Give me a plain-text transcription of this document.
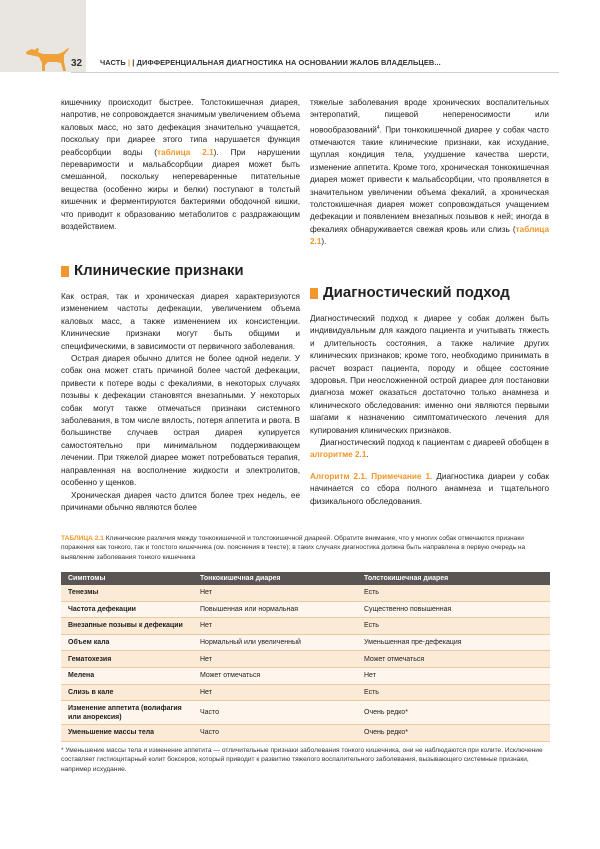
32 ЧАСТЬ | | ДИФФЕРЕНЦИАЛЬНАЯ ДИАГНОСТИКА НА ОСНОВАНИИ ЖАЛОБ ВЛАДЕЛЬЦЕВ...

кишечнику происходит быстрее. Толстокишечная диарея, напротив, не сопровождается значимым увеличением объема каловых масс, но зато дефекация значительно учащается, поскольку при диарее этого типа нарушается функция реабсорбции воды (таблица 2.1). При нарушении переваримости и мальабсорбции диарея может быть смешанной, поскольку непереваренные питательные вещества (особенно жиры и белки) поступают в толстый кишечник и ферментируются бактериями ободочной кишки, что приводит к образованию метаболитов с раздражающим воздействием.

Клинические признаки

Как острая, так и хроническая диарея характеризуются изменением частоты дефекации, увеличением объема каловых масс, а также изменением их консистенции. Клинические признаки могут быть общими и специфическими, в зависимости от первичного заболевания.

Острая диарея обычно длится не более одной недели. У собак она может стать причиной более частой дефекации, привести к потере воды с фекалиями, в некоторых случаях позывы к дефекации становятся внезапными. У некоторых собак могут также отмечаться признаки системного заболевания, в том числе вялость, потеря аппетита и рвота. В большинстве случаев острая диарея купируется самостоятельно при минимальном поддерживающем лечении. При тяжелой диарее может потребоваться терапия, направленная на восполнение жидкости и электролитов, особенно у щенков.

Хроническая диарея часто длится более трех недель, ее причинами обычно являются более

тяжелые заболевания вроде хронических воспалительных энтеропатий, пищевой непереносимости или новообразований$^4$. При тонкокишечной диарее у собак часто отмечаются такие клинические признаки, как исхудание, щуплая кондиция тела, ухудшение качества шерсти, изменение аппетита. Кроме того, хроническая тонкокишечная диарея может привести к мальабсорбции, что проявляется в значительном увеличении объема фекалий, а хроническая толстокишечная диарея может сопровождаться учащением дефекации и появлением внезапных позывов к ней; иногда в фекалиях обнаруживается свежая кровь или слизь (таблица 2.1).

Диагностический подход

Диагностический подход к диарее у собак должен быть индивидуальным для каждого пациента и учитывать тяжесть и длительность состояния, а также наличие других клинических признаков; кроме того, необходимо принимать в расчет возраст пациента, породу и общее состояние здоровья. При неосложненной острой диарее для постановки диагноза может оказаться достаточно только анамнеза и клинического обследования: именно они являются первыми шагами к назначению симптоматического лечения для купирования клинических признаков.

Диагностический подход к пациентам с диареей обобщен в алгоритме 2.1.

Алгоритм 2.1. Примечание 1. Диагностика диареи у собак начинается со сбора полного анамнеза и тщательного физикального обследования.

ТАБЛИЦА 2.1 Клинические различия между тонкокишечной и толстокишечной диареей. Обратите внимание, что у многих собак отмечаются признаки поражения как тонкого, так и толстого кишечника (см. пояснения в тексте); в таких случаях диагностика должна быть направлена в первую очередь на выявление заболевания тонкого кишечника
Симптомы	Тонкокишечная диарея	Толстокишечная диарея
Тенезмы	Нет	Есть
Частота дефекации	Повышенная или нормальная	Существенно повышенная
Внезапные позывы к дефекации	Нет	Есть
Объем кала	Нормальный или увеличенный	Уменьшенная пре-дефекация
Гематохезия	Нет	Может отмечаться
Мелена	Может отмечаться	Нет
Слизь в кале	Нет	Есть
Изменение аппетита (волифагия или анорексия)	Часто	Очень редко*
Уменьшение массы тела	Часто	Очень редко*
* Уменьшение массы тела и изменение аппетита — отличительные признаки заболевания тонкого кишечника, они не наблюдаются при колите. Исключение составляет гистиоцитарный колит боксеров, который приводит к развитию тяжелого воспалительного заболевания, вызывающего системные признаки, например исхудание.
